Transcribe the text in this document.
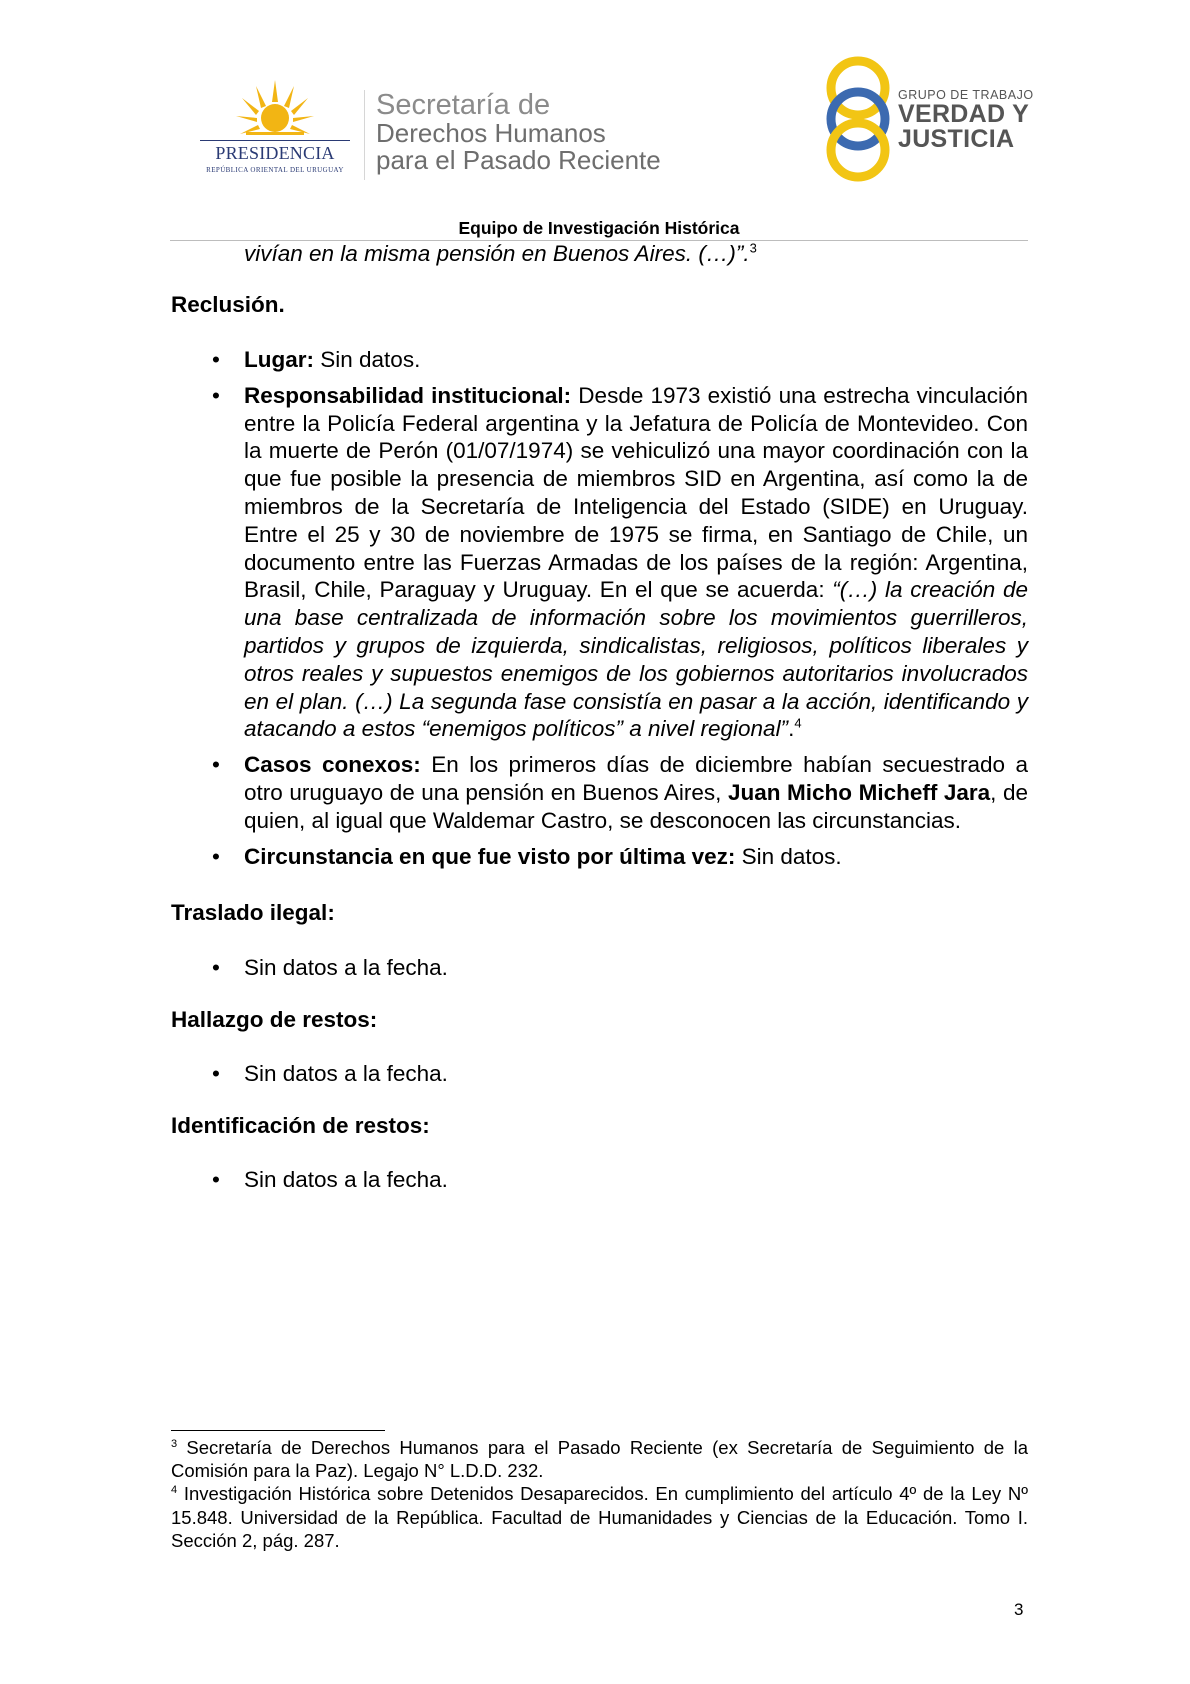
PRESIDENCIA
REPÚBLICA ORIENTAL DEL URUGUAY
Secretaría de
Derechos Humanos
para el Pasado Reciente
GRUPO DE TRABAJO
VERDAD Y
JUSTICIA
Equipo de Investigación Histórica
vivían en la misma pensión en Buenos Aires. (…)”.$^3$
Reclusión.
• Lugar: Sin datos.
• Responsabilidad institucional: Desde 1973 existió una estrecha vinculación entre la Policía Federal argentina y la Jefatura de Policía de Montevideo. Con la muerte de Perón (01/07/1974) se vehiculizó una mayor coordinación con la que fue posible la presencia de miembros SID en Argentina, así como la de miembros de la Secretaría de Inteligencia del Estado (SIDE) en Uruguay. Entre el 25 y 30 de noviembre de 1975 se firma, en Santiago de Chile, un documento entre las Fuerzas Armadas de los países de la región: Argentina, Brasil, Chile, Paraguay y Uruguay. En el que se acuerda: “(…) la creación de una base centralizada de información sobre los movimientos guerrilleros, partidos y grupos de izquierda, sindicalistas, religiosos, políticos liberales y otros reales y supuestos enemigos de los gobiernos autoritarios involucrados en el plan. (…) La segunda fase consistía en pasar a la acción, identificando y atacando a estos “enemigos políticos” a nivel regional”.$^4$
• Casos conexos: En los primeros días de diciembre habían secuestrado a otro uruguayo de una pensión en Buenos Aires, Juan Micho Micheff Jara, de quien, al igual que Waldemar Castro, se desconocen las circunstancias.
• Circunstancia en que fue visto por última vez: Sin datos.
Traslado ilegal:
• Sin datos a la fecha.
Hallazgo de restos:
• Sin datos a la fecha.
Identificación de restos:
• Sin datos a la fecha.

$^3$ Secretaría de Derechos Humanos para el Pasado Reciente (ex Secretaría de Seguimiento de la Comisión para la Paz). Legajo N° L.D.D. 232.

$^4$ Investigación Histórica sobre Detenidos Desaparecidos. En cumplimiento del artículo 4º de la Ley Nº 15.848. Universidad de la República. Facultad de Humanidades y Ciencias de la Educación. Tomo I. Sección 2, pág. 287.

3
